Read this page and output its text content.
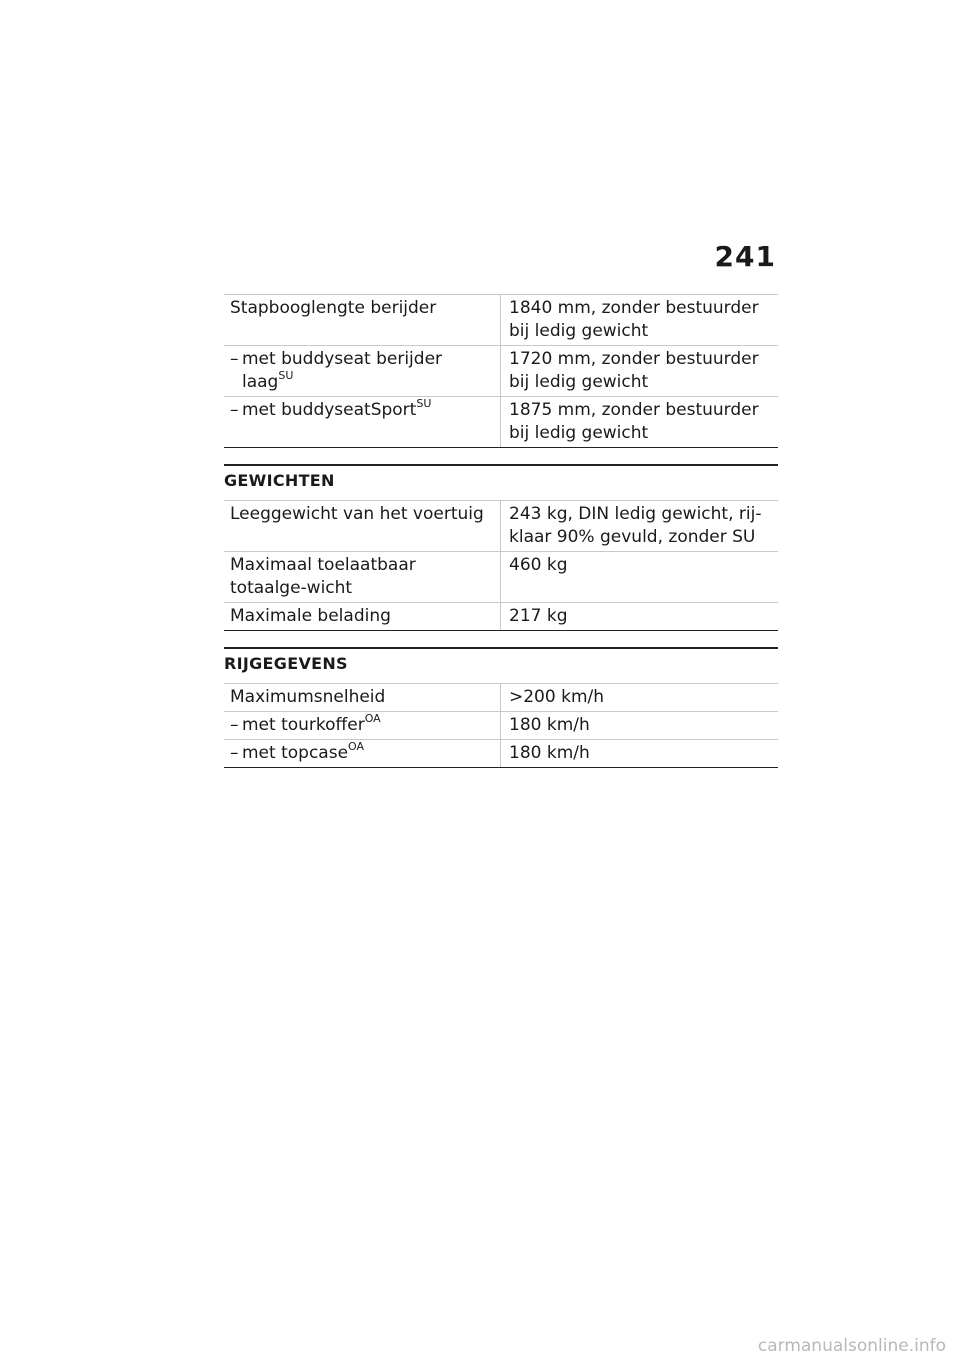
241
Stapbooglengte berijder	1840 mm, zonder bestuurder bij ledig gewicht

– met buddyseat berijder laag$^{SU}$	1720 mm, zonder bestuurder bij ledig gewicht

– met buddyseatSport$^{SU}$	1875 mm, zonder bestuurder bij ledig gewicht
GEWICHTEN
Leeggewicht van het voertuig	243 kg, DIN ledig gewicht, rij-klaar 90% gevuld, zonder SU
Maximaal toelaatbaar totaalge-wicht	460 kg
Maximale belading	217 kg
RIJGEGEVENS
Maximumsnelheid	>200 km/h

– met tourkoffer$^{OA}$	180 km/h

– met topcase$^{OA}$	180 km/h
carmanualsonline.info
